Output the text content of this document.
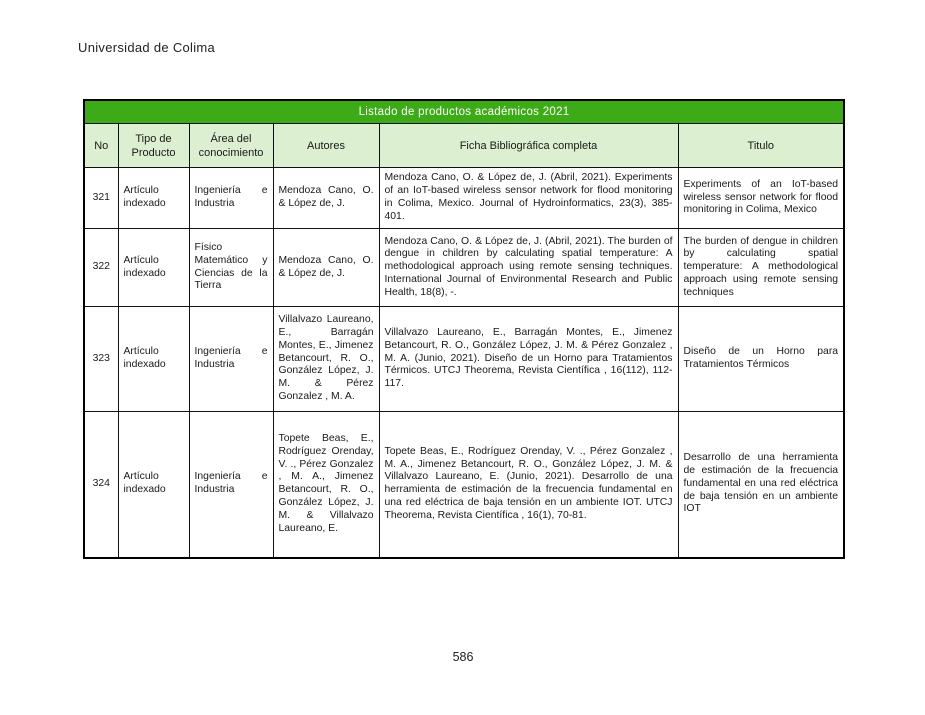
Universidad de Colima
Listado de productos académicos 2021					
No	Tipo de Producto	Área del conocimiento	Autores	Ficha Bibliográfica completa	Titulo
321	Artículo indexado	Ingeniería e Industria	Mendoza Cano, O. & López de, J.	Mendoza Cano, O. & López de, J. (Abril, 2021). Experiments of an IoT-based wireless sensor network for flood monitoring in Colima, Mexico. Journal of Hydroinformatics, 23(3), 385-401.	Experiments of an IoT-based wireless sensor network for flood monitoring in Colima, Mexico
322	Artículo indexado	Físico Matemático y Ciencias de la Tierra	Mendoza Cano, O. & López de, J.	Mendoza Cano, O. & López de, J. (Abril, 2021). The burden of dengue in children by calculating spatial temperature: A methodological approach using remote sensing techniques. International Journal of Environmental Research and Public Health, 18(8), -.	The burden of dengue in children by calculating spatial temperature: A methodological approach using remote sensing techniques
323	Artículo indexado	Ingeniería e Industria	Villalvazo Laureano, E., Barragán Montes, E., Jimenez Betancourt, R. O., González López, J. M. & Pérez Gonzalez , M. A.	Villalvazo Laureano, E., Barragán Montes, E., Jimenez Betancourt, R. O., González López, J. M. & Pérez Gonzalez , M. A. (Junio, 2021). Diseño de un Horno para Tratamientos Térmicos. UTCJ Theorema, Revista Científica , 16(112), 112-117.	Diseño de un Horno para Tratamientos Térmicos
324	Artículo indexado	Ingeniería e Industria	Topete Beas, E., Rodríguez Orenday, V. ., Pérez Gonzalez , M. A., Jimenez Betancourt, R. O., González López, J. M. & Villalvazo Laureano, E.	Topete Beas, E., Rodríguez Orenday, V. ., Pérez Gonzalez , M. A., Jimenez Betancourt, R. O., González López, J. M. & Villalvazo Laureano, E. (Junio, 2021). Desarrollo de una herramienta de estimación de la frecuencia fundamental en una red eléctrica de baja tensión en un ambiente IOT. UTCJ Theorema, Revista Científica , 16(1), 70-81.	Desarrollo de una herramienta de estimación de la frecuencia fundamental en una red eléctrica de baja tensión en un ambiente IOT
586
